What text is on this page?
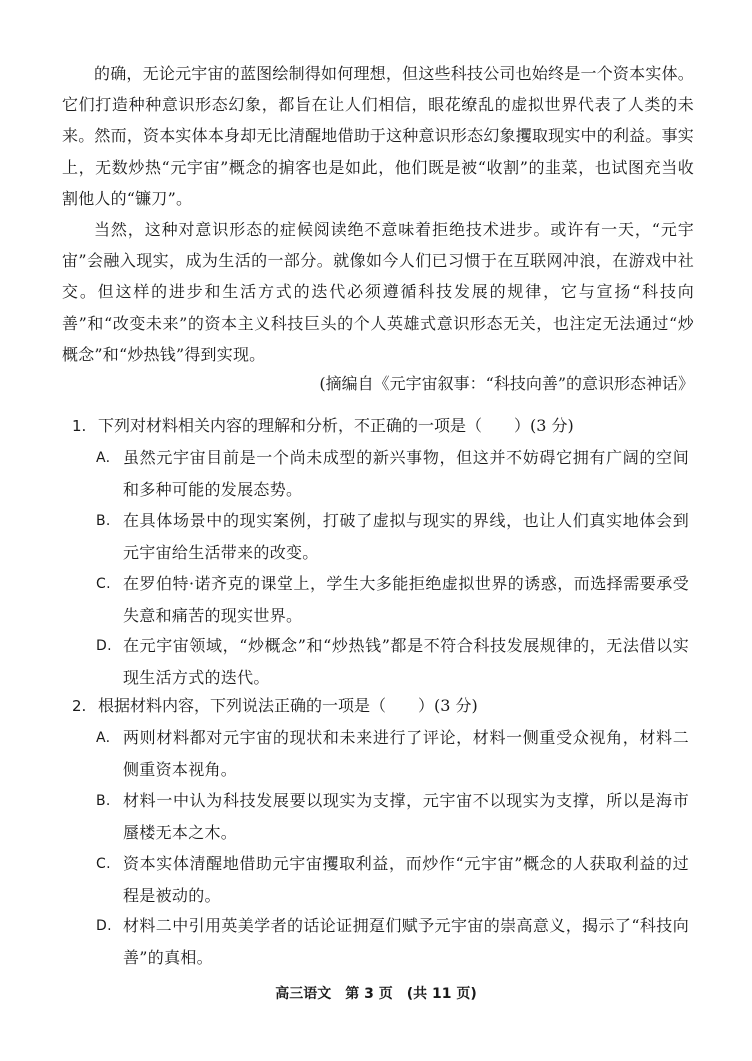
的确，无论元宇宙的蓝图绘制得如何理想，但这些科技公司也始终是一个资本实体。它们打造种种意识形态幻象，都旨在让人们相信，眼花缭乱的虚拟世界代表了人类的未来。然而，资本实体本身却无比清醒地借助于这种意识形态幻象攫取现实中的利益。事实上，无数炒热“元宇宙”概念的掮客也是如此，他们既是被“收割”的韭菜，也试图充当收割他人的“镰刀”。

当然，这种对意识形态的症候阅读绝不意味着拒绝技术进步。或许有一天，“元宇宙”会融入现实，成为生活的一部分。就像如今人们已习惯于在互联网冲浪，在游戏中社交。但这样的进步和生活方式的迭代必须遵循科技发展的规律，它与宣扬“科技向善”和“改变未来”的资本主义科技巨头的个人英雄式意识形态无关，也注定无法通过“炒概念”和“炒热钱”得到实现。

(摘编自《元宇宙叙事：“科技向善”的意识形态神话》
1. 下列对材料相关内容的理解和分析，不正确的一项是（　　）(3 分)
A. 虽然元宇宙目前是一个尚未成型的新兴事物，但这并不妨碍它拥有广阔的空间和多种可能的发展态势。
B. 在具体场景中的现实案例，打破了虚拟与现实的界线，也让人们真实地体会到元宇宙给生活带来的改变。
C. 在罗伯特·诺齐克的课堂上，学生大多能拒绝虚拟世界的诱惑，而选择需要承受失意和痛苦的现实世界。
D. 在元宇宙领域，“炒概念”和“炒热钱”都是不符合科技发展规律的，无法借以实现生活方式的迭代。
2. 根据材料内容，下列说法正确的一项是（　　）(3 分)
A. 两则材料都对元宇宙的现状和未来进行了评论，材料一侧重受众视角，材料二侧重资本视角。
B. 材料一中认为科技发展要以现实为支撑，元宇宙不以现实为支撑，所以是海市蜃楼无本之木。
C. 资本实体清醒地借助元宇宙攫取利益，而炒作“元宇宙”概念的人获取利益的过程是被动的。
D. 材料二中引用英美学者的话论证拥趸们赋予元宇宙的崇高意义，揭示了“科技向善”的真相。
高三语文　第 3 页　(共 11 页)
